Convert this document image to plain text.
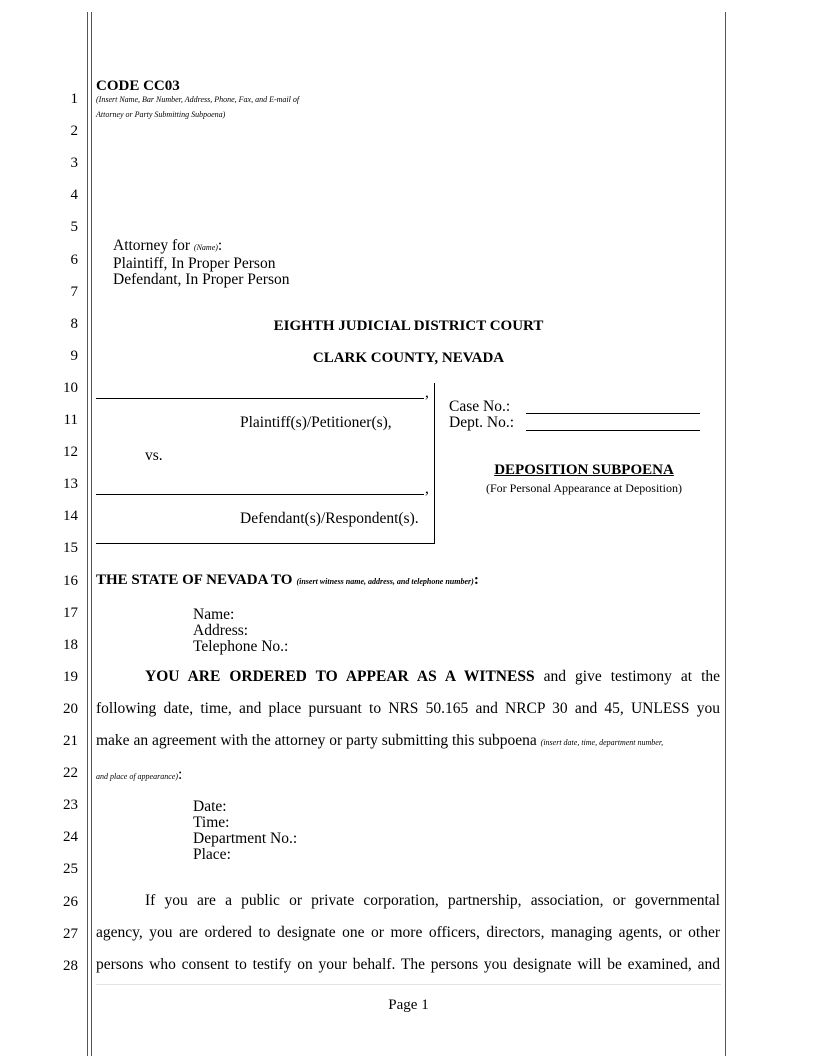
1
2
3
4
5
6
7
8
9
10
11
12
13
14
15
16
17
18
19
20
21
22
23
24
25
26
27
28
CODE CC03
(Insert Name, Bar Number, Address, Phone, Fax, and E-mail of
Attorney or Party Submitting Subpoena)
Attorney for (Name):
Plaintiff, In Proper Person
Defendant, In Proper Person
EIGHTH JUDICIAL DISTRICT COURT
CLARK COUNTY, NEVADA
,
Plaintiff(s)/Petitioner(s),
vs.
,
Defendant(s)/Respondent(s).
Case No.:
Dept. No.:
DEPOSITION SUBPOENA
(For Personal Appearance at Deposition)
THE STATE OF NEVADA TO (insert witness name, address, and telephone number):
Name:
Address:
Telephone No.:
YOU ARE ORDERED TO APPEAR AS A WITNESS and give testimony at the
following date, time, and place pursuant to NRS 50.165 and NRCP 30 and 45, UNLESS you
make an agreement with the attorney or party submitting this subpoena (insert date, time, department number,
and place of appearance):
Date:
Time:
Department No.:
Place:
If you are a public or private corporation, partnership, association, or governmental
agency, you are ordered to designate one or more officers, directors, managing agents, or other
persons who consent to testify on your behalf. The persons you designate will be examined, and
Page 1
